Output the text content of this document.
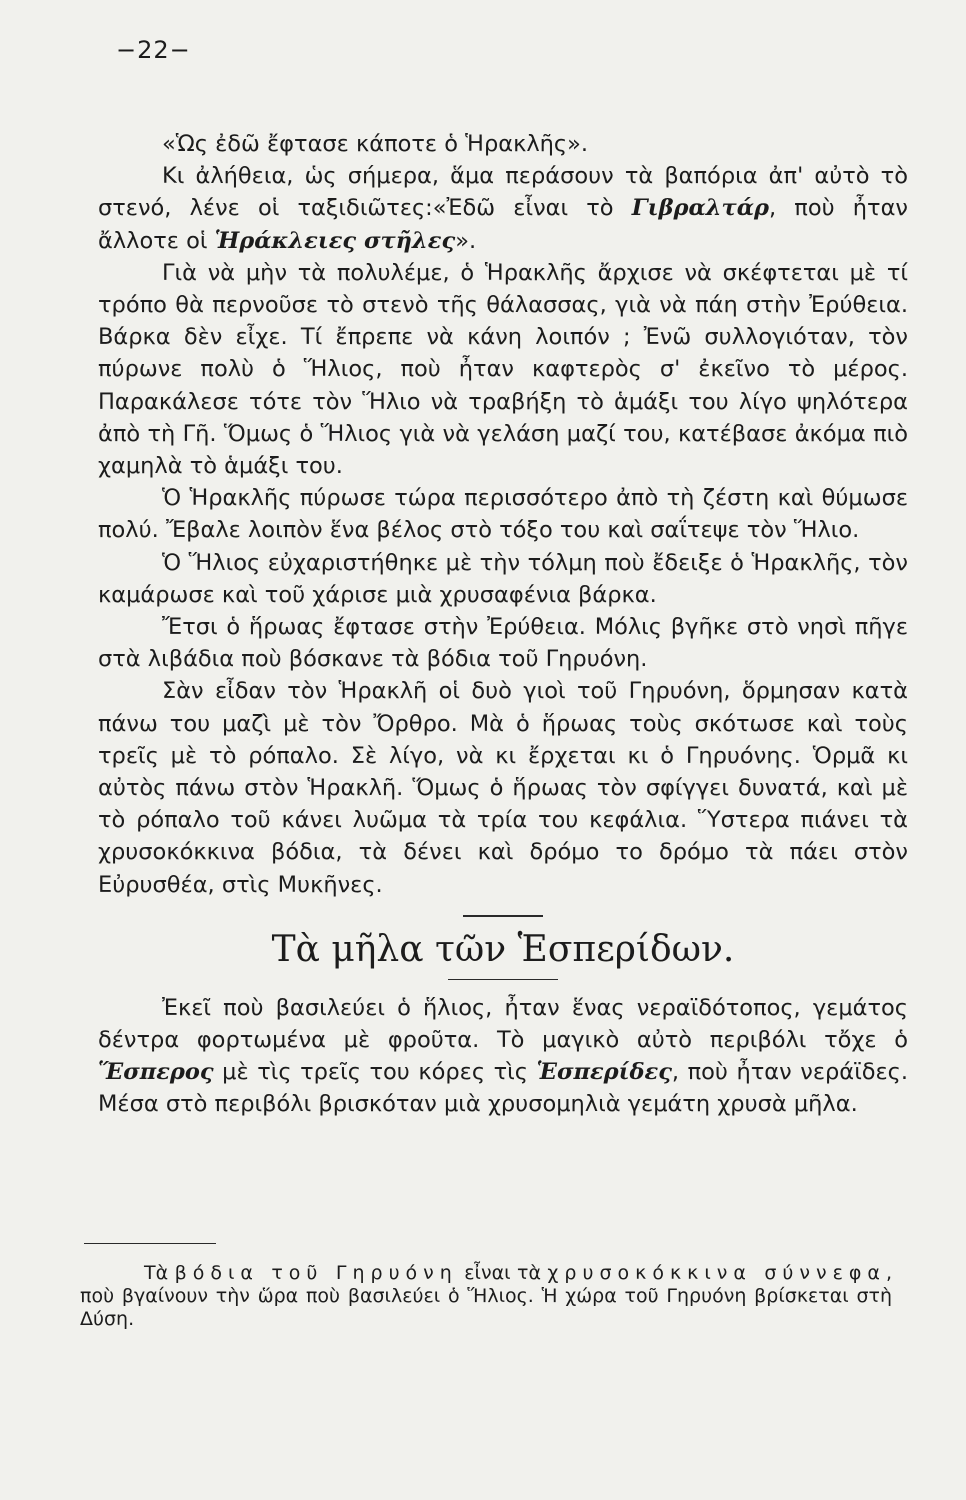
−22−

«Ὡς ἐδῶ ἔφτασε κάποτε ὁ Ἡρακλῆς».

Κι ἀλήθεια, ὡς σήμερα, ἅμα περάσουν τὰ βαπόρια ἀπ' αὐτὸ τὸ στενό, λένε οἱ ταξιδιῶτες:«Ἐδῶ εἶναι τὸ Γιβραλτάρ, ποὺ ἦταν ἄλλοτε οἱ Ἡράκλειες στῆλες».

Γιὰ νὰ μὴν τὰ πολυλέμε, ὁ Ἡρακλῆς ἄρχισε νὰ σκέφτεται μὲ τί τρόπο θὰ περνοῦσε τὸ στενὸ τῆς θάλασσας, γιὰ νὰ πάη στὴν Ἐρύθεια. Βάρκα δὲν εἶχε. Τί ἔπρεπε νὰ κάνη λοιπόν ; Ἐνῶ συλλογιόταν, τὸν πύρωνε πολὺ ὁ Ἥλιος, ποὺ ἦταν καφτερὸς σ' ἐκεῖνο τὸ μέρος. Παρακάλεσε τότε τὸν Ἥλιο νὰ τραβήξη τὸ ἁμάξι του λίγο ψηλότερα ἀπὸ τὴ Γῆ. Ὅμως ὁ Ἥλιος γιὰ νὰ γελάση μαζί του, κατέβασε ἀκόμα πιὸ χαμηλὰ τὸ ἁμάξι του.

Ὁ Ἡρακλῆς πύρωσε τώρα περισσότερο ἀπὸ τὴ ζέστη καὶ θύμωσε πολύ. Ἔβαλε λοιπὸν ἕνα βέλος στὸ τόξο του καὶ σαΐτεψε τὸν Ἥλιο.

Ὁ Ἥλιος εὐχαριστήθηκε μὲ τὴν τόλμη ποὺ ἔδειξε ὁ Ἡρακλῆς, τὸν καμάρωσε καὶ τοῦ χάρισε μιὰ χρυσαφένια βάρκα.

Ἔτσι ὁ ἥρωας ἔφτασε στὴν Ἐρύθεια. Μόλις βγῆκε στὸ νησὶ πῆγε στὰ λιβάδια ποὺ βόσκανε τὰ βόδια τοῦ Γηρυόνη.

Σὰν εἶδαν τὸν Ἡρακλῆ οἱ δυὸ γιοὶ τοῦ Γηρυόνη, ὅρμησαν κατὰ πάνω του μαζὶ μὲ τὸν Ὄρθρο. Μὰ ὁ ἥρωας τοὺς σκότωσε καὶ τοὺς τρεῖς μὲ τὸ ρόπαλο. Σὲ λίγο, νὰ κι ἔρχεται κι ὁ Γηρυόνης. Ὁρμᾶ κι αὐτὸς πάνω στὸν Ἡρακλῆ. Ὅμως ὁ ἥρωας τὸν σφίγγει δυνατά, καὶ μὲ τὸ ρόπαλο τοῦ κάνει λυῶμα τὰ τρία του κεφάλια. Ὕστερα πιάνει τὰ χρυσοκόκκινα βόδια, τὰ δένει καὶ δρόμο το δρόμο τὰ πάει στὸν Εὐρυσθέα, στὶς Μυκῆνες.

Τὰ μῆλα τῶν Ἑσπερίδων.

Ἐκεῖ ποὺ βασιλεύει ὁ ἥλιος, ἦταν ἕνας νεραϊδότοπος, γεμάτος δέντρα φορτωμένα μὲ φροῦτα. Τὸ μαγικὸ αὐτὸ περιβόλι τὄχε ὁ Ἕσπερος μὲ τὶς τρεῖς του κόρες τὶς Ἑσπερίδες, ποὺ ἦταν νεράϊδες. Μέσα στὸ περιβόλι βρισκόταν μιὰ χρυσομηλιὰ γεμάτη χρυσὰ μῆλα.

Τὰ βόδια τοῦ Γηρυόνη εἶναι τὰ χρυσοκόκκινα σύννεφα, ποὺ βγαίνουν τὴν ὥρα ποὺ βασιλεύει ὁ Ἥλιος. Ἡ χώρα τοῦ Γηρυόνη βρίσκεται στὴ Δύση.
